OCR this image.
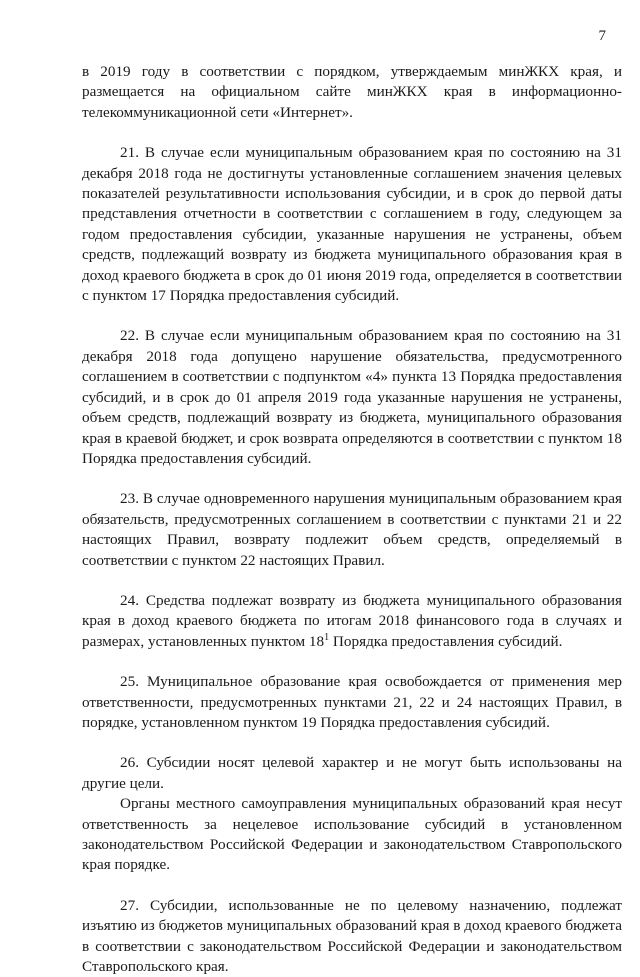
7

в 2019 году в соответствии с порядком, утверждаемым минЖКХ края, и размещается на официальном сайте минЖКХ края в информационно-телекоммуникационной сети «Интернет».

21. В случае если муниципальным образованием края по состоянию на 31 декабря 2018 года не достигнуты установленные соглашением значения целевых показателей результативности использования субсидии, и в срок до первой даты представления отчетности в соответствии с соглашением в году, следующем за годом предоставления субсидии, указанные нарушения не устранены, объем средств, подлежащий возврату из бюджета муниципального образования края в доход краевого бюджета в срок до 01 июня 2019 года, определяется в соответствии с пунктом 17 Порядка предоставления субсидий.

22. В случае если муниципальным образованием края по состоянию на 31 декабря 2018 года допущено нарушение обязательства, предусмотренного соглашением в соответствии с подпунктом «4» пункта 13 Порядка предоставления субсидий, и в срок до 01 апреля 2019 года указанные нарушения не устранены, объем средств, подлежащий возврату из бюджета, муниципального образования края в краевой бюджет, и срок возврата определяются в соответствии с пунктом 18 Порядка предоставления субсидий.

23. В случае одновременного нарушения муниципальным образованием края обязательств, предусмотренных соглашением в соответствии с пунктами 21 и 22 настоящих Правил, возврату подлежит объем средств, определяемый в соответствии с пунктом 22 настоящих Правил.

24. Средства подлежат возврату из бюджета муниципального образования края в доход краевого бюджета по итогам 2018 финансового года в случаях и размерах, установленных пунктом $18^1$ Порядка предоставления субсидий.

25. Муниципальное образование края освобождается от применения мер ответственности, предусмотренных пунктами 21, 22 и 24 настоящих Правил, в порядке, установленном пунктом 19 Порядка предоставления субсидий.

26. Субсидии носят целевой характер и не могут быть использованы на другие цели.

Органы местного самоуправления муниципальных образований края несут ответственность за нецелевое использование субсидий в установленном законодательством Российской Федерации и законодательством Ставропольского края порядке.

27. Субсидии, использованные не по целевому назначению, подлежат изъятию из бюджетов муниципальных образований края в доход краевого бюджета в соответствии с законодательством Российской Федерации и законодательством Ставропольского края.
